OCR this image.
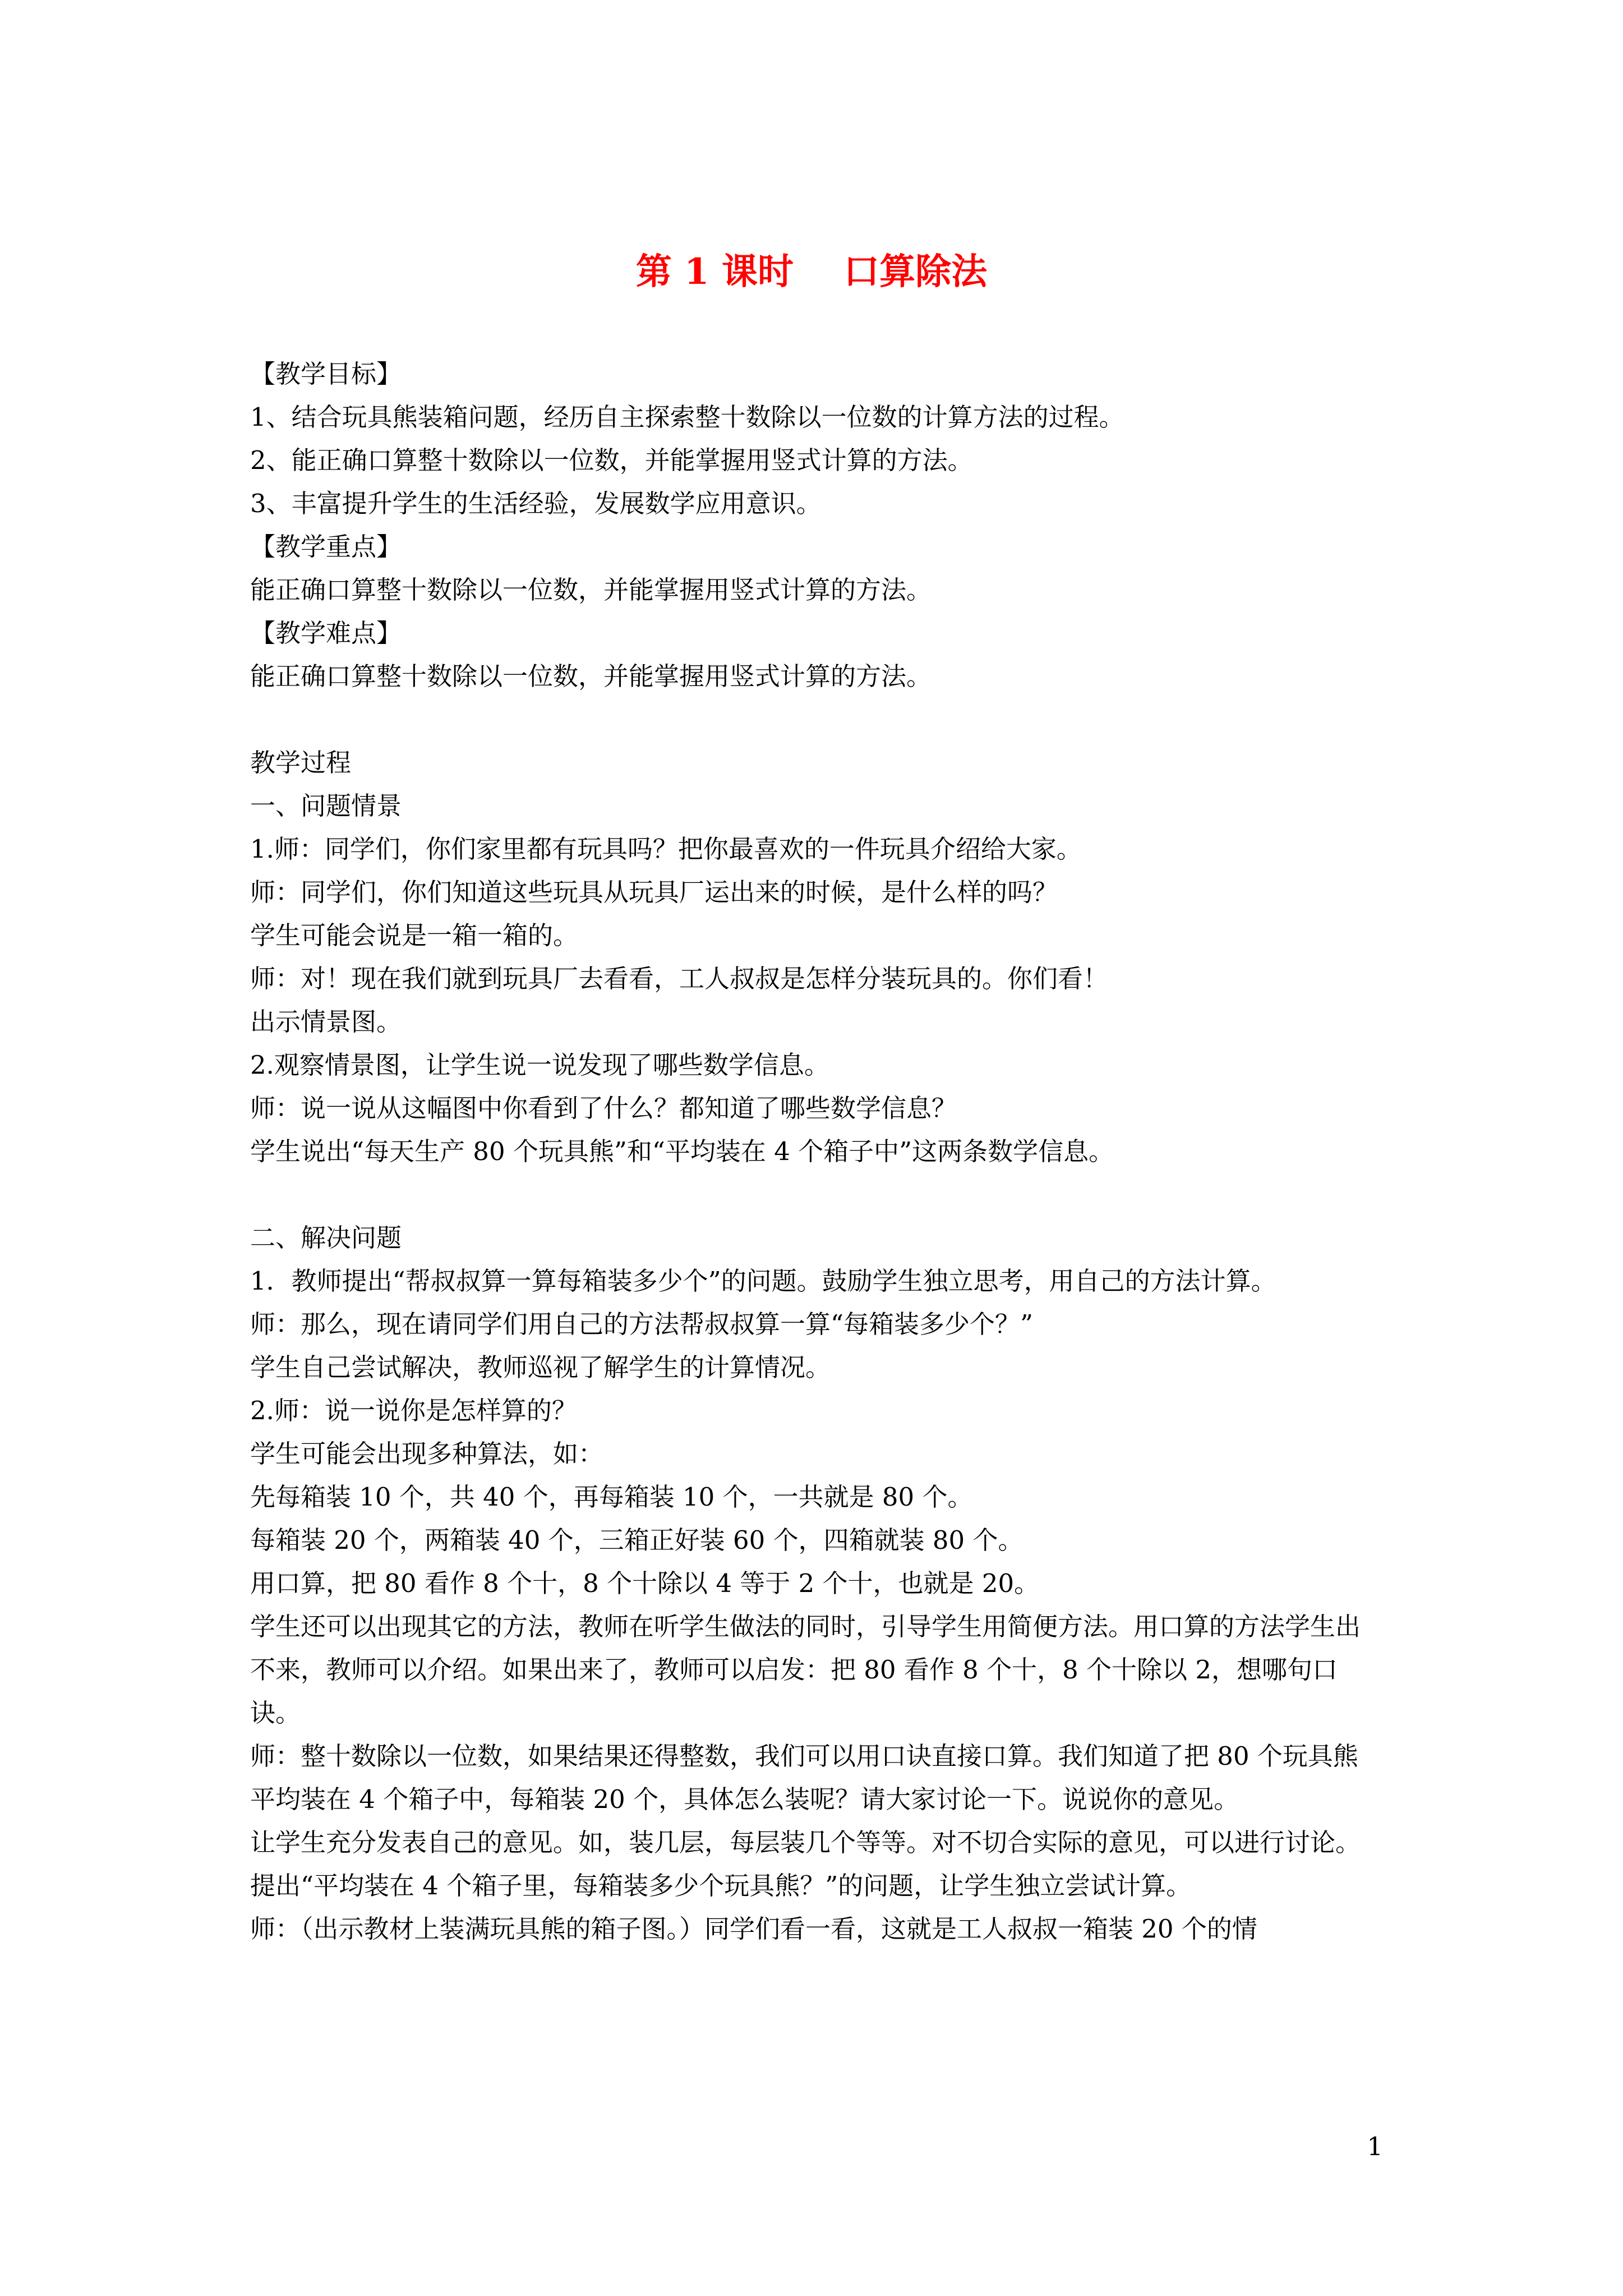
第 1 课时    口算除法

【教学目标】

1、结合玩具熊装箱问题，经历自主探索整十数除以一位数的计算方法的过程。

2、能正确口算整十数除以一位数，并能掌握用竖式计算的方法。

3、丰富提升学生的生活经验，发展数学应用意识。

【教学重点】

能正确口算整十数除以一位数，并能掌握用竖式计算的方法。

【教学难点】

能正确口算整十数除以一位数，并能掌握用竖式计算的方法。

教学过程

一、问题情景

1.师：同学们，你们家里都有玩具吗？把你最喜欢的一件玩具介绍给大家。

师：同学们，你们知道这些玩具从玩具厂运出来的时候，是什么样的吗？

学生可能会说是一箱一箱的。

师：对！现在我们就到玩具厂去看看，工人叔叔是怎样分装玩具的。你们看！

出示情景图。

2.观察情景图，让学生说一说发现了哪些数学信息。

师：说一说从这幅图中你看到了什么？都知道了哪些数学信息？

学生说出“每天生产 80 个玩具熊”和“平均装在 4 个箱子中”这两条数学信息。

二、解决问题

1．教师提出“帮叔叔算一算每箱装多少个”的问题。鼓励学生独立思考，用自己的方法计算。

师：那么，现在请同学们用自己的方法帮叔叔算一算“每箱装多少个？”

学生自己尝试解决，教师巡视了解学生的计算情况。

2.师：说一说你是怎样算的？

学生可能会出现多种算法，如：

先每箱装 10 个，共 40 个，再每箱装 10 个，一共就是 80 个。

每箱装 20 个，两箱装 40 个，三箱正好装 60 个，四箱就装 80 个。

用口算，把 80 看作 8 个十，8 个十除以 4 等于 2 个十，也就是 20。

学生还可以出现其它的方法，教师在听学生做法的同时，引导学生用简便方法。用口算的方法学生出不来，教师可以介绍。如果出来了，教师可以启发：把 80 看作 8 个十，8 个十除以 2，想哪句口诀。

师：整十数除以一位数，如果结果还得整数，我们可以用口诀直接口算。我们知道了把 80 个玩具熊平均装在 4 个箱子中，每箱装 20 个，具体怎么装呢？请大家讨论一下。说说你的意见。

让学生充分发表自己的意见。如，装几层，每层装几个等等。对不切合实际的意见，可以进行讨论。

提出“平均装在 4 个箱子里，每箱装多少个玩具熊？”的问题，让学生独立尝试计算。

师：（出示教材上装满玩具熊的箱子图。）同学们看一看，这就是工人叔叔一箱装 20 个的情

1
